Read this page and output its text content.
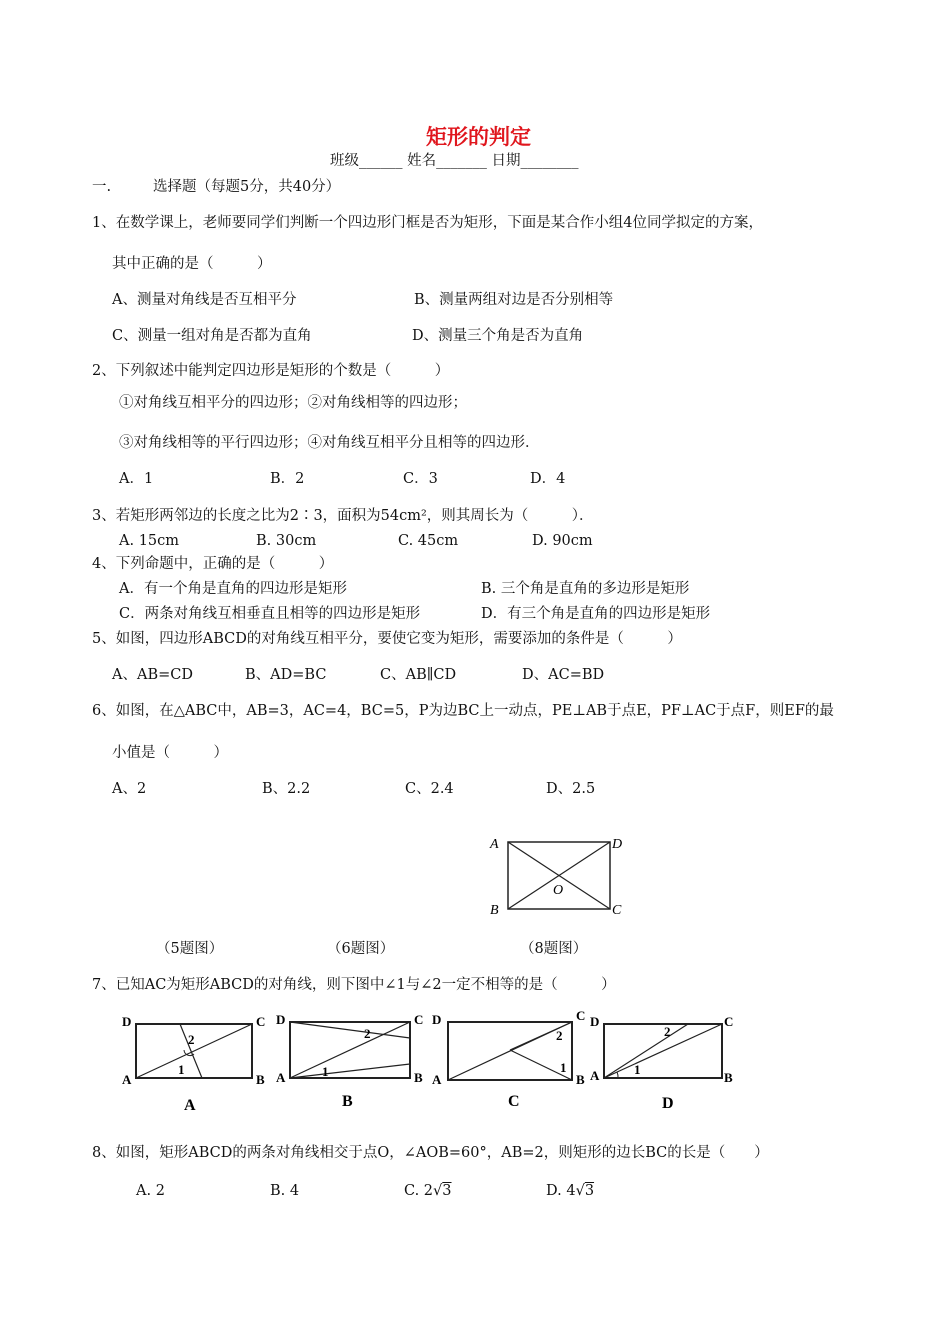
矩形的判定
班级______ 姓名_______ 日期________
一.	选择题（每题5分，共40分）
1、在数学课上，老师要同学们判断一个四边形门框是否为矩形，下面是某合作小组4位同学拟定的方案，
其中正确的是（　　　）
A、测量对角线是否互相平分	B、测量两组对边是否分别相等
C、测量一组对角是否都为直角	D、测量三个角是否为直角
2、下列叙述中能判定四边形是矩形的个数是（　　　）
①对角线互相平分的四边形；②对角线相等的四边形；
③对角线相等的平行四边形；④对角线互相平分且相等的四边形．
A．1	B．2	C．3	D．4
3、若矩形两邻边的长度之比为2∶3，面积为54cm²，则其周长为（　　　）．
A. 15cm	B. 30cm	C. 45cm	D. 90cm
4、下列命题中，正确的是（　　　）
A．有一个角是直角的四边形是矩形	B. 三个角是直角的多边形是矩形
C．两条对角线互相垂直且相等的四边形是矩形	D．有三个角是直角的四边形是矩形
5、如图，四边形ABCD的对角线互相平分，要使它变为矩形，需要添加的条件是（　　　）
A、AB=CD	B、AD=BC	C、AB∥CD	D、AC=BD
6、如图，在△ABC中，AB=3，AC=4，BC=5，P为边BC上一动点，PE⊥AB于点E，PF⊥AC于点F，则EF的最
小值是（　　　）
A、2	B、2.2	C、2.4	D、2.5
A	D
B	C
O
（5题图）	（6题图）	（8题图）
7、已知AC为矩形ABCD的对角线，则下图中∠1与∠2一定不相等的是（　　　）
D	C
A	B
1
2
A
D	C
A	B
1
2
B
D	C
A	B
1
2
C
D	C
A	B
1
2
D
8、如图，矩形ABCD的两条对角线相交于点O，∠AOB=60°，AB=2，则矩形的边长BC的长是（　　）
A. 2	B. 4	C. 2√3	D. 4√3
